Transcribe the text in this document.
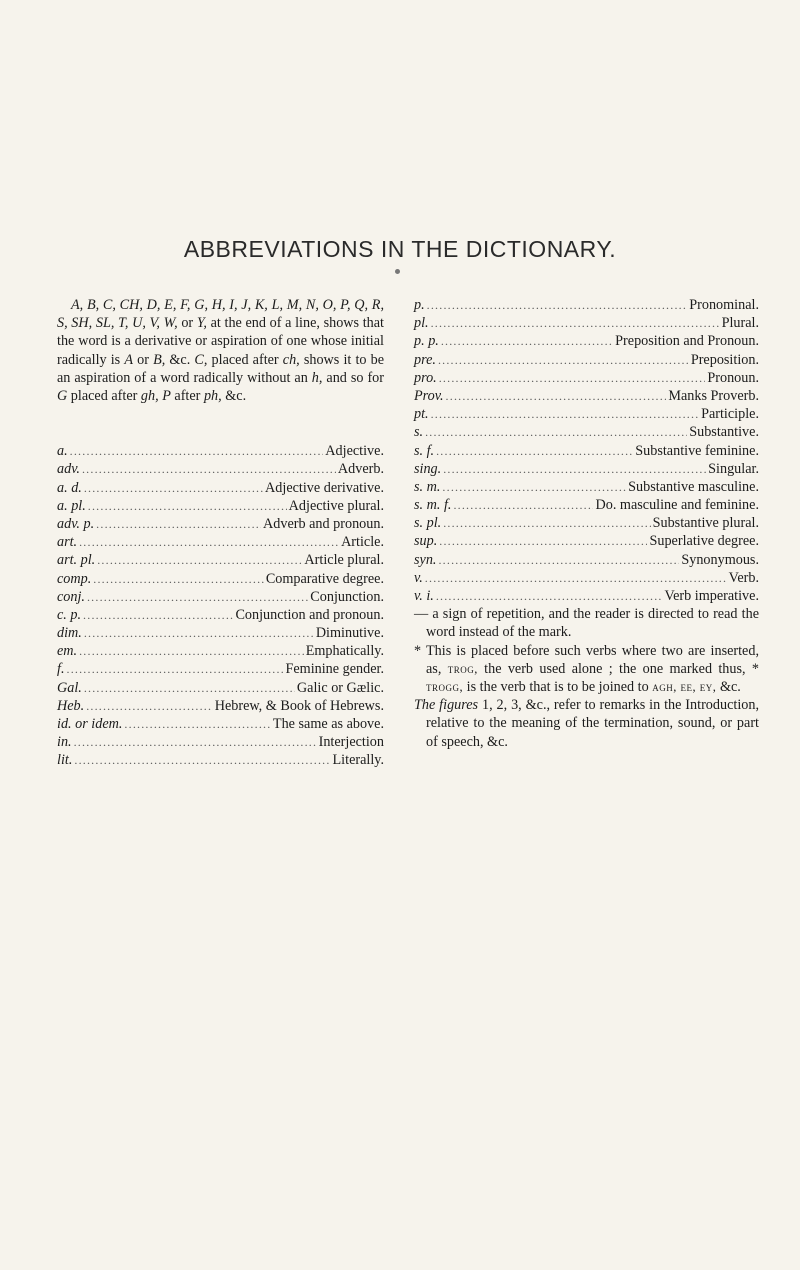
ABBREVIATIONS IN THE DICTIONARY.

A, B, C, CH, D, E, F, G, H, I, J, K, L, M, N, O, P, Q, R, S, SH, SL, T, U, V, W, or Y, at the end of a line, shows that the word is a derivative or aspiration of one whose initial radically is A or B, &c. C, placed after ch, shows it to be an aspiration of a word radically without an h, and so for G placed after gh, P after ph, &c.

a. .....	Adjective.
adv. .....	Adverb.
a. d. .....	Adjective derivative.
a. pl. .....	Adjective plural.
adv. p. .....	Adverb and pronoun.
art. .....	Article.
art. pl. .....	Article plural.
comp. .....	Comparative degree.
conj. .....	Conjunction.
c. p. .....	Conjunction and pronoun.
dim. .....	Diminutive.
em. .....	Emphatically.
f. .....	Feminine gender.
Gal. .....	Galic or Gælic.
Heb. .....	Hebrew, & Book of Hebrews.
id. or idem. .....	The same as above.
in. .....	Interjection
lit. .....	Literally.
p. .....	Pronominal.
pl. .....	Plural.
p. p. .....	Preposition and Pronoun.
pre. .....	Preposition.
pro. .....	Pronoun.
Prov. .....	Manks Proverb.
pt. .....	Participle.
s. .....	Substantive.
s. f. .....	Substantive feminine.
sing. .....	Singular.
s. m. .....	Substantive masculine.
s. m. f. .....	Do. masculine and feminine.
s. pl. .....	Substantive plural.
sup. .....	Superlative degree.
syn. .....	Synonymous.
v. .....	Verb.
v. i. .....	Verb imperative.

— a sign of repetition, and the reader is directed to read the word instead of the mark.

* This is placed before such verbs where two are inserted, as, trog, the verb used alone ; the one marked thus, * trogg, is the verb that is to be joined to agh, ee, ey, &c.

The figures 1, 2, 3, &c., refer to remarks in the Introduction, relative to the meaning of the termination, sound, or part of speech, &c.
